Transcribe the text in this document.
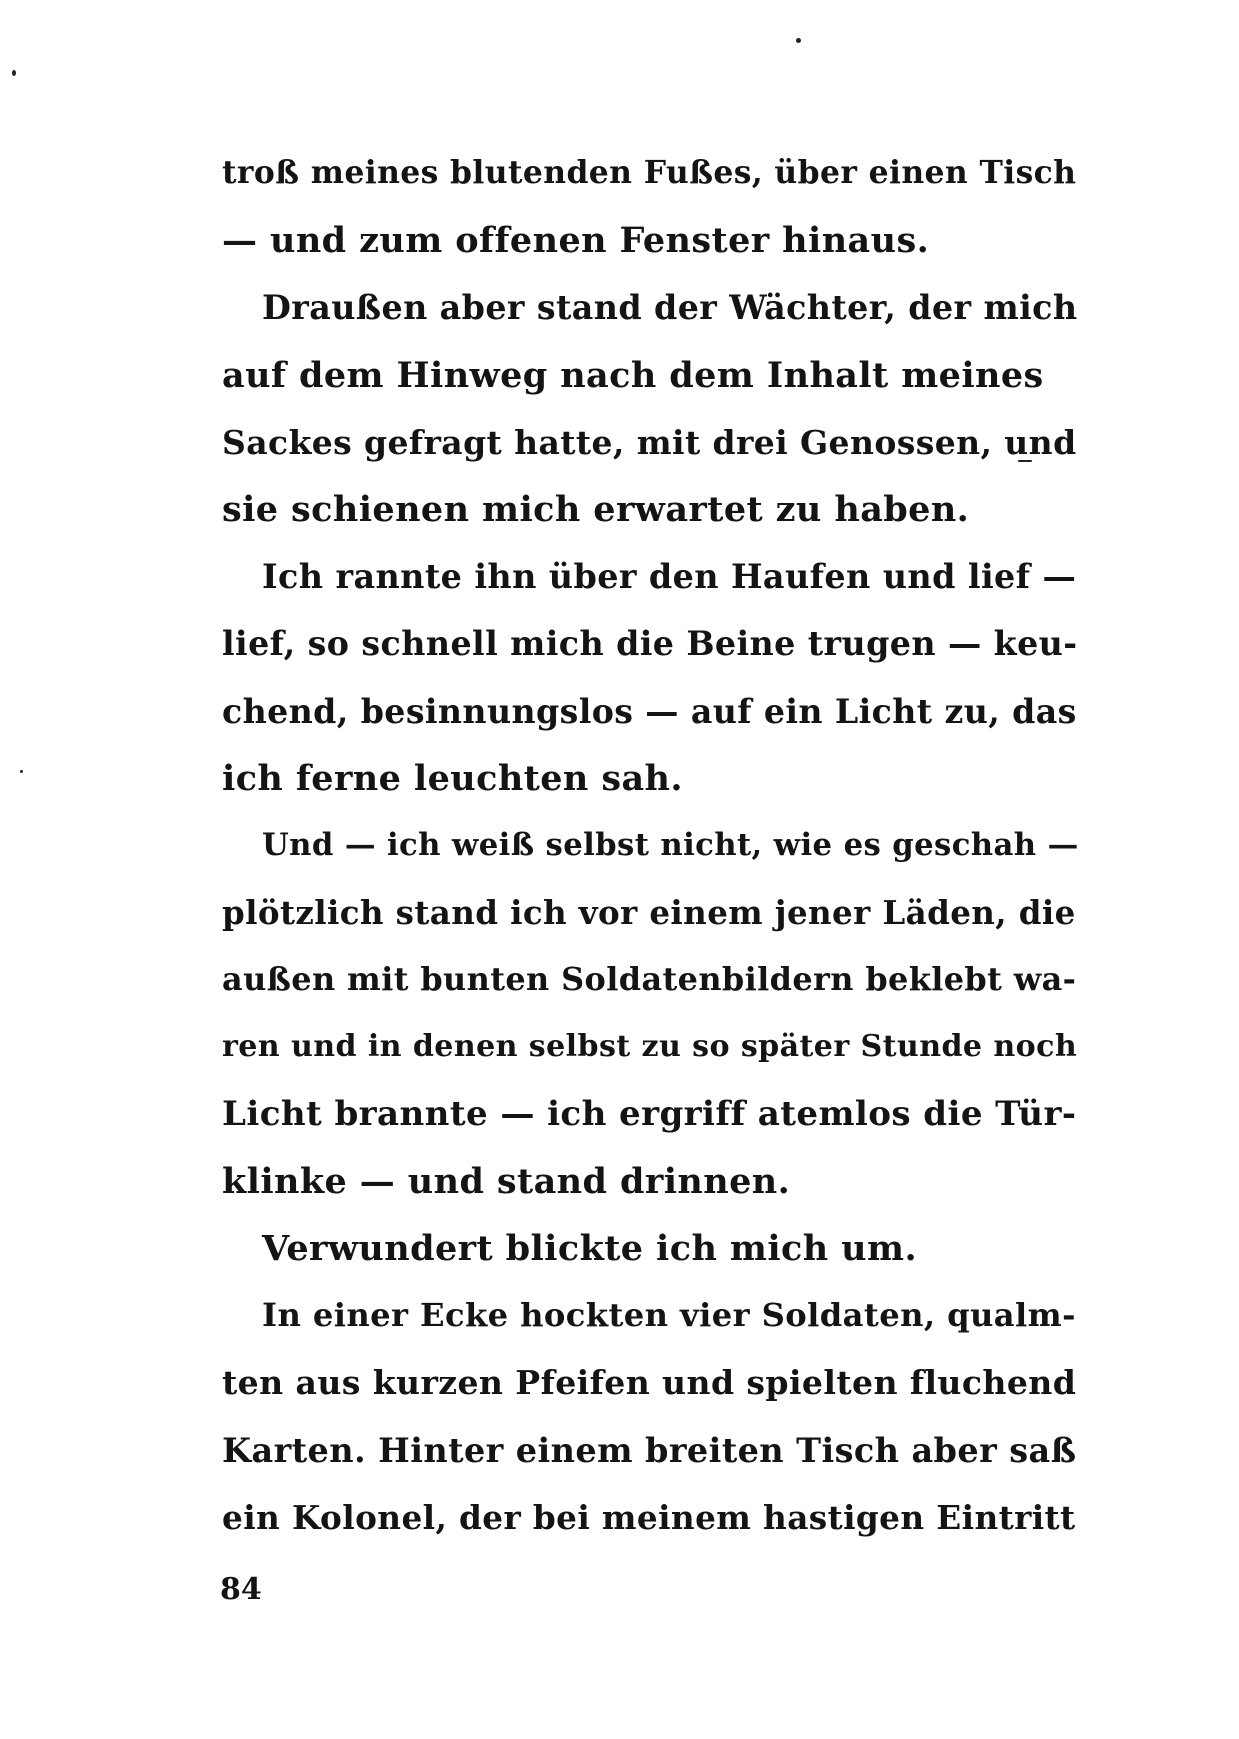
troß meines blutenden Fußes, über einen Tisch
— und zum offenen Fenster hinaus.
Draußen aber stand der Wächter, der mich
auf dem Hinweg nach dem Inhalt meines
Sackes gefragt hatte, mit drei Genossen, und
sie schienen mich erwartet zu haben.
Ich rannte ihn über den Haufen und lief —
lief, so schnell mich die Beine trugen — keu-
chend, besinnungslos — auf ein Licht zu, das
ich ferne leuchten sah.
Und — ich weiß selbst nicht, wie es geschah —
plötzlich stand ich vor einem jener Läden, die
außen mit bunten Soldatenbildern beklebt wa-
ren und in denen selbst zu so später Stunde noch
Licht brannte — ich ergriff atemlos die Tür-
klinke — und stand drinnen.
Verwundert blickte ich mich um.
In einer Ecke hockten vier Soldaten, qualm-
ten aus kurzen Pfeifen und spielten fluchend
Karten. Hinter einem breiten Tisch aber saß
ein Kolonel, der bei meinem hastigen Eintritt
84
